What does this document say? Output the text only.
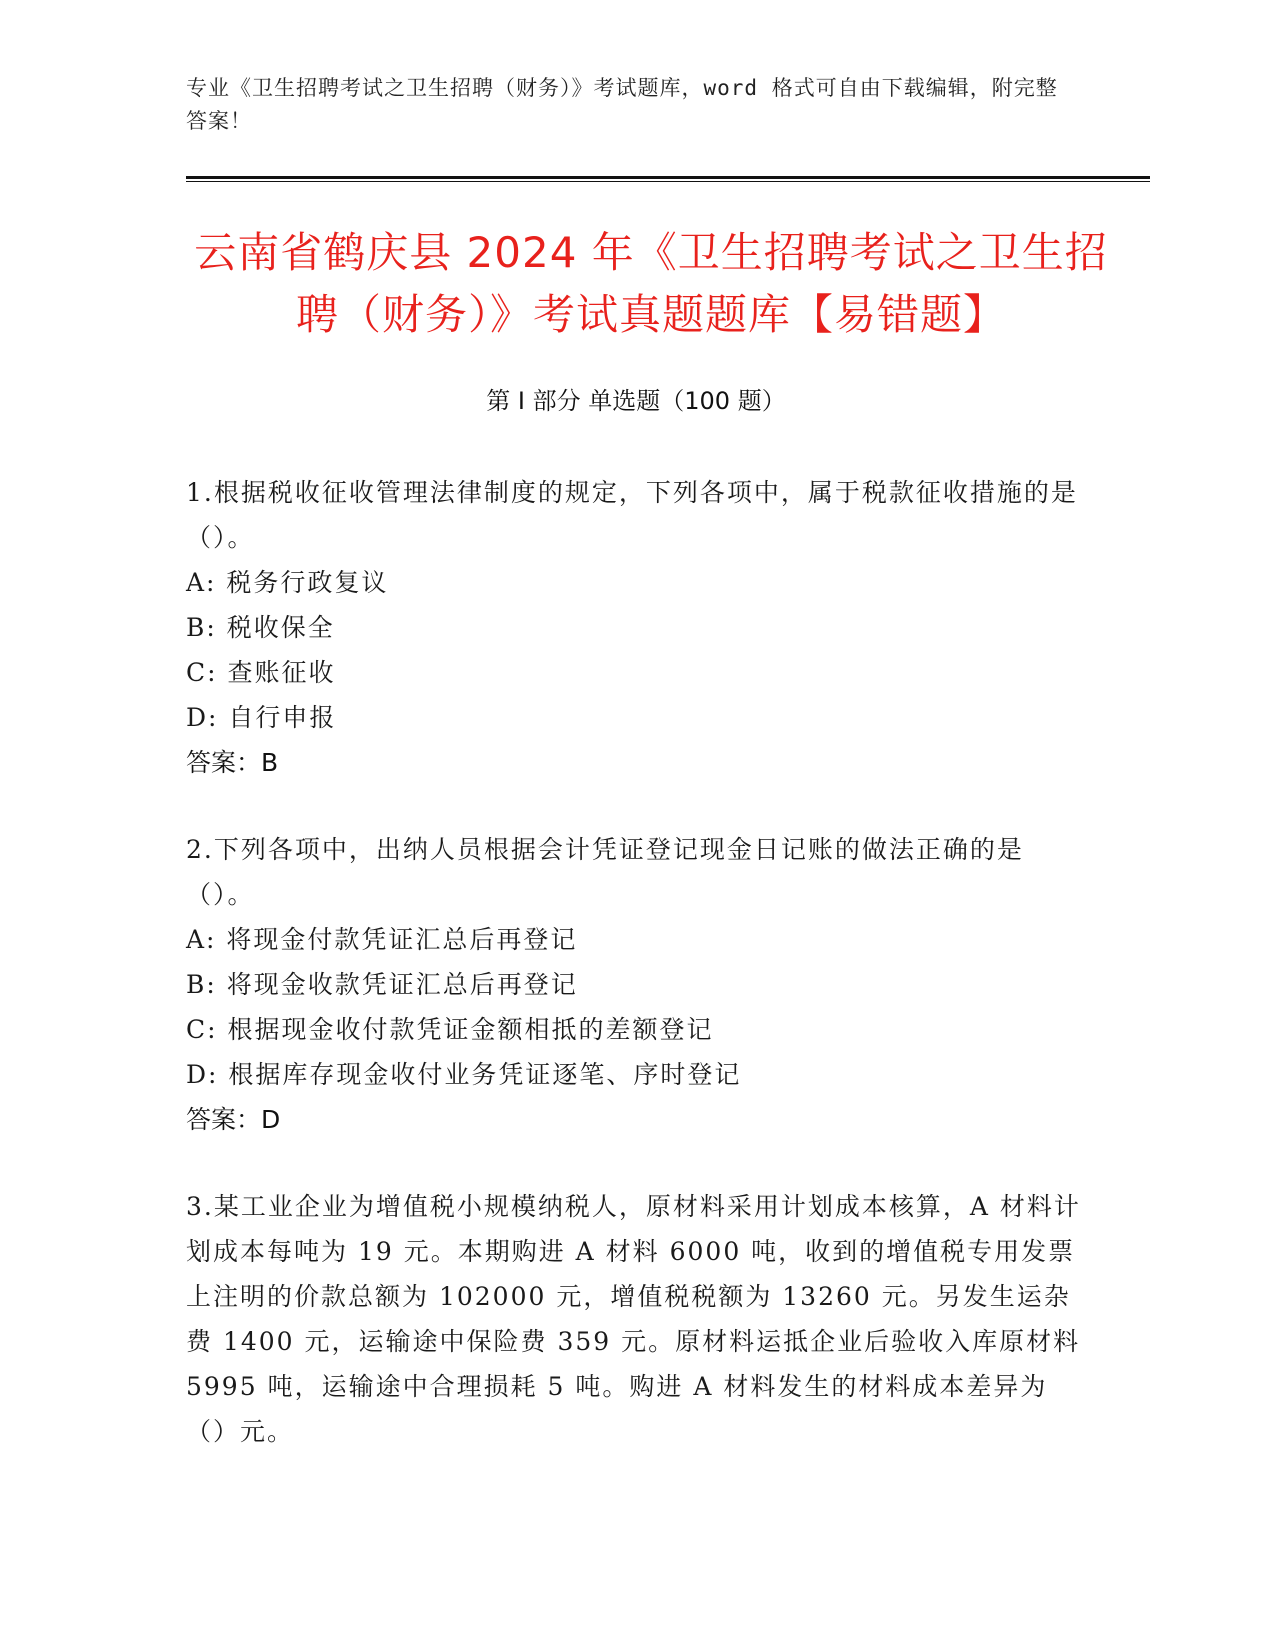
专业《卫生招聘考试之卫生招聘（财务）》考试题库，word 格式可自由下载编辑，附完整答案！
云南省鹤庆县 2024 年《卫生招聘考试之卫生招聘（财务）》考试真题题库【易错题】
第 I 部分 单选题（100 题）

1.根据税收征收管理法律制度的规定，下列各项中，属于税款征收措施的是（）。

A: 税务行政复议

B: 税收保全

C: 查账征收

D: 自行申报

答案：B

2.下列各项中，出纳人员根据会计凭证登记现金日记账的做法正确的是（）。

A: 将现金付款凭证汇总后再登记

B: 将现金收款凭证汇总后再登记

C: 根据现金收付款凭证金额相抵的差额登记

D: 根据库存现金收付业务凭证逐笔、序时登记

答案：D

3.某工业企业为增值税小规模纳税人，原材料采用计划成本核算，A 材料计划成本每吨为 19 元。本期购进 A 材料 6000 吨，收到的增值税专用发票上注明的价款总额为 102000 元，增值税税额为 13260 元。另发生运杂费 1400 元，运输途中保险费 359 元。原材料运抵企业后验收入库原材料 5995 吨，运输途中合理损耗 5 吨。购进 A 材料发生的材料成本差异为（）元。
